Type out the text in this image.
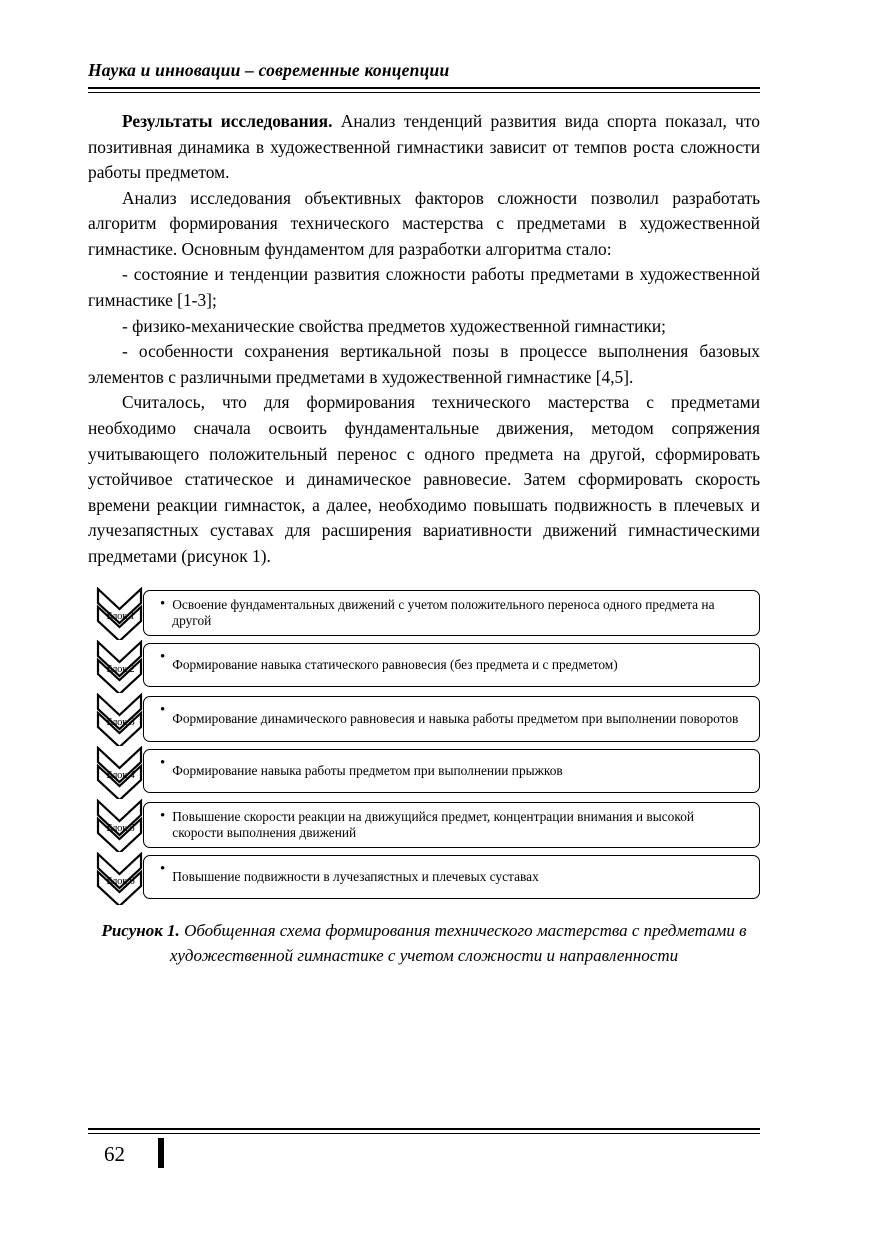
Наука и инновации – современные концепции

Результаты исследования. Анализ тенденций развития вида спорта показал, что позитивная динамика в художественной гимнастики зависит от темпов роста сложности работы предметом.

Анализ исследования объективных факторов сложности позволил разработать алгоритм формирования технического мастерства с предметами в художественной гимнастике. Основным фундаментом для разработки алгоритма стало:

- состояние и тенденции развития сложности работы предметами в художественной гимнастике [1-3];

- физико-механические свойства предметов художественной гимнастики;

- особенности сохранения вертикальной позы в процессе выполнения базовых элементов с различными предметами в художественной гимнастике [4,5].

Считалось, что для формирования технического мастерства с предметами необходимо сначала освоить фундаментальные движения, методом сопряжения учитывающего положительный перенос с одного предмета на другой, сформировать устойчивое статическое и динамическое равновесие. Затем сформировать скорость времени реакции гимнасток, а далее, необходимо повышать подвижность в плечевых и лучезапястных суставах для расширения вариативности движений гимнастическими предметами (рисунок 1).

Блок 1
• Освоение фундаментальных движений с учетом положительного переноса одного предмета на другой
Блок 2
• Формирование навыка статического равновесия (без предмета и с предметом)
Блок 3
•
Формирование динамического равновесия и навыка работы предметом при выполнении поворотов
Блок 4
• Формирование навыка работы предметом при выполнении прыжков
Блок 5
• Повышение скорости реакции на движущийся предмет, концентрации внимания и высокой скорости выполнения движений
Блок 6
• Повышение подвижности в лучезапястных и плечевых суставах
Рисунок 1. Обобщенная схема формирования технического мастерства с предметами в художественной гимнастике с учетом сложности и направленности
62
